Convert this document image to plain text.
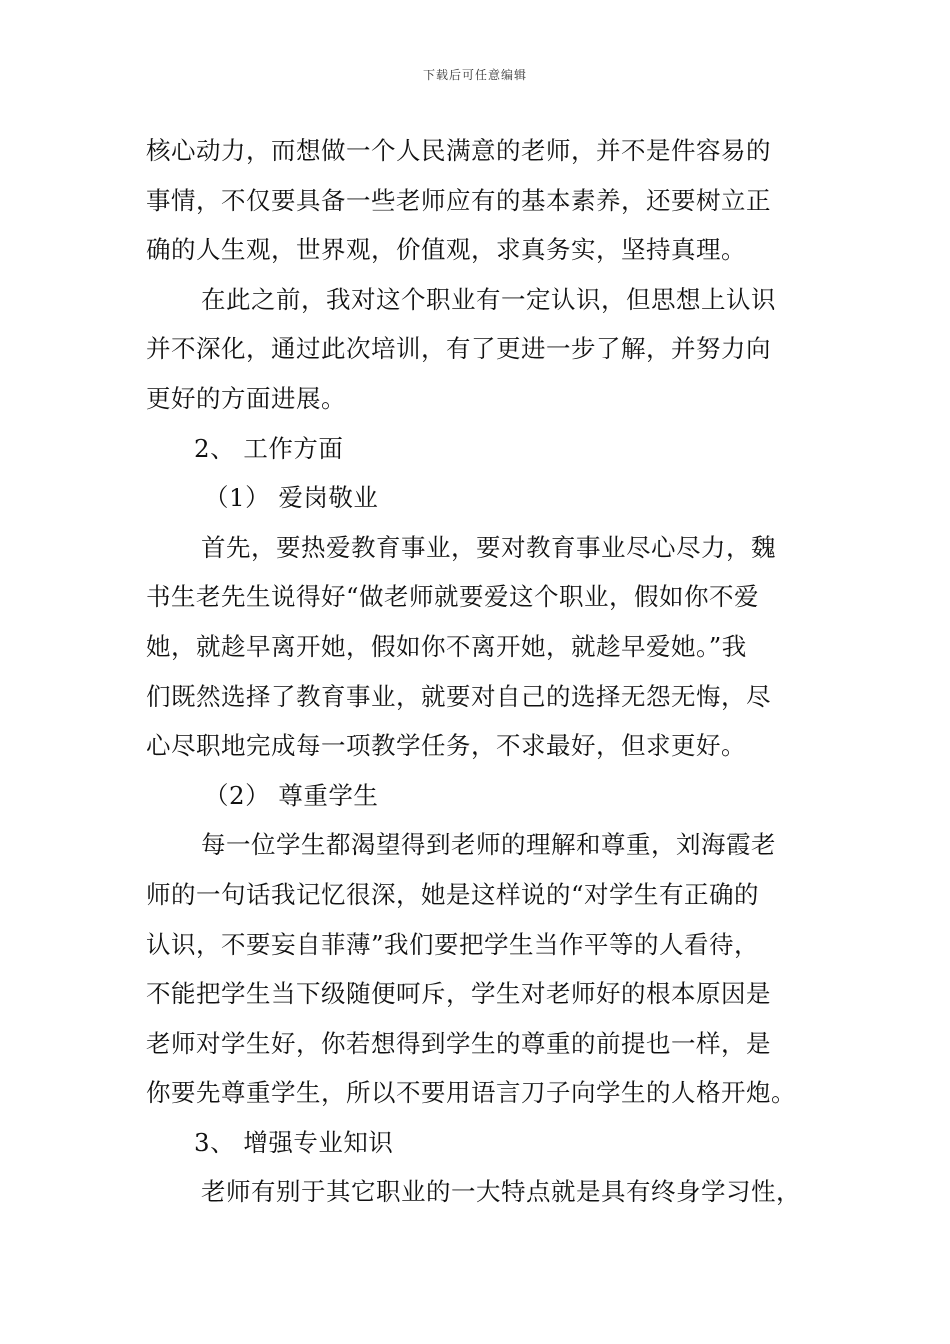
下载后可任意编辑
核心动力，而想做一个人民满意的老师，并不是件容易的
事情，不仅要具备一些老师应有的基本素养，还要树立正
确的人生观，世界观，价值观，求真务实，坚持真理。
在此之前，我对这个职业有一定认识，但思想上认识
并不深化，通过此次培训，有了更进一步了解，并努力向
更好的方面进展。
2、 工作方面
（1） 爱岗敬业
首先，要热爱教育事业，要对教育事业尽心尽力，魏
书生老先生说得好“做老师就要爱这个职业，假如你不爱
她，就趁早离开她，假如你不离开她，就趁早爱她。”我
们既然选择了教育事业，就要对自己的选择无怨无悔，尽
心尽职地完成每一项教学任务，不求最好，但求更好。
（2） 尊重学生
每一位学生都渴望得到老师的理解和尊重，刘海霞老
师的一句话我记忆很深，她是这样说的“对学生有正确的
认识，不要妄自菲薄”我们要把学生当作平等的人看待，
不能把学生当下级随便呵斥，学生对老师好的根本原因是
老师对学生好，你若想得到学生的尊重的前提也一样，是
你要先尊重学生，所以不要用语言刀子向学生的人格开炮。
3、 增强专业知识
老师有别于其它职业的一大特点就是具有终身学习性，
